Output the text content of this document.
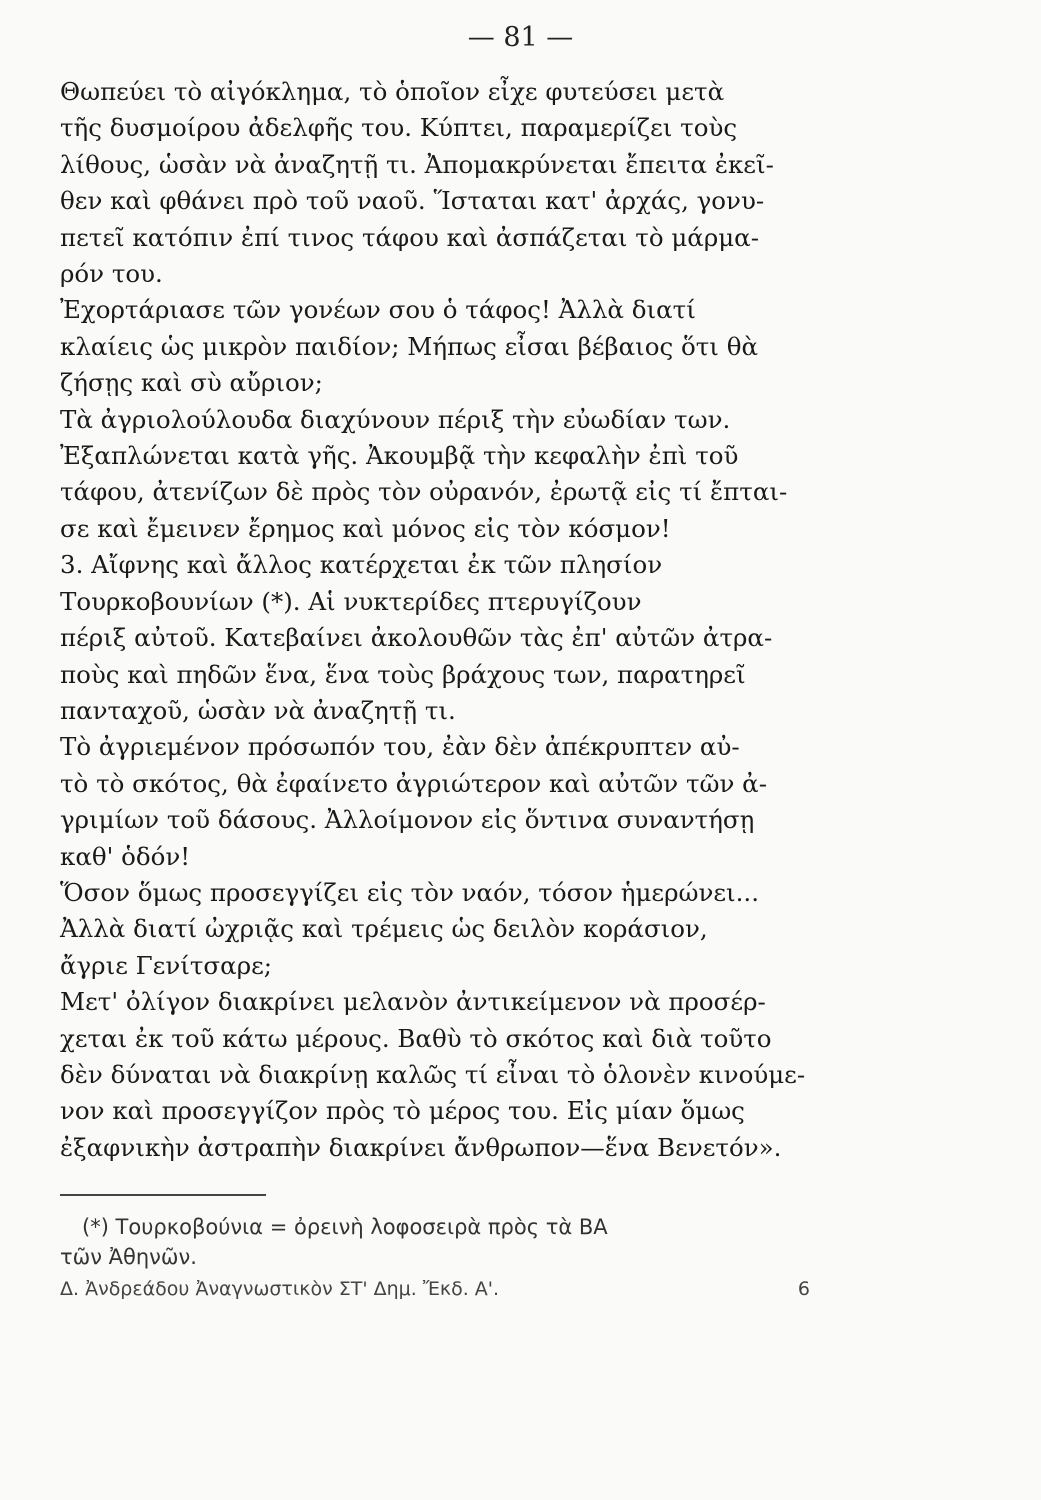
— 81 —

Θωπεύει τὸ αἰγόκλημα, τὸ ὁποῖον εἶχε φυτεύσει μετὰ

τῆς δυσμοίρου ἀδελφῆς του. Κύπτει, παραμερίζει τοὺς

λίθους, ὡσὰν νὰ ἀναζητῇ τι. Ἀπομακρύνεται ἔπειτα ἐκεῖ-

θεν καὶ φθάνει πρὸ τοῦ ναοῦ. Ἵσταται κατ' ἀρχάς, γονυ-

πετεῖ κατόπιν ἐπί τινος τάφου καὶ ἀσπάζεται τὸ μάρμα-

ρόν του.

Ἐχορτάριασε τῶν γονέων σου ὁ τάφος! Ἀλλὰ διατί

κλαίεις ὡς μικρὸν παιδίον; Μήπως εἶσαι βέβαιος ὅτι θὰ

ζήσῃς καὶ σὺ αὔριον;

Τὰ ἀγριολούλουδα διαχύνουν πέριξ τὴν εὐωδίαν των.

Ἐξαπλώνεται κατὰ γῆς. Ἀκουμβᾷ τὴν κεφαλὴν ἐπὶ τοῦ

τάφου, ἀτενίζων δὲ πρὸς τὸν οὐρανόν, ἐρωτᾷ εἰς τί ἔπται-

σε καὶ ἔμεινεν ἔρημος καὶ μόνος εἰς τὸν κόσμον!

3. Αἴφνης καὶ ἄλλος κατέρχεται ἐκ τῶν πλησίον

Τουρκοβουνίων (*). Αἱ νυκτερίδες πτερυγίζουν

πέριξ αὐτοῦ. Κατεβαίνει ἀκολουθῶν τὰς ἐπ' αὐτῶν ἀτρα-

ποὺς καὶ πηδῶν ἕνα, ἕνα τοὺς βράχους των, παρατηρεῖ

πανταχοῦ, ὡσὰν νὰ ἀναζητῇ τι.

Τὸ ἀγριεμένον πρόσωπόν του, ἐὰν δὲν ἀπέκρυπτεν αὐ-

τὸ τὸ σκότος, θὰ ἐφαίνετο ἀγριώτερον καὶ αὐτῶν τῶν ἀ-

γριμίων τοῦ δάσους. Ἀλλοίμονον εἰς ὅντινα συναντήσῃ

καθ' ὁδόν!

Ὅσον ὅμως προσεγγίζει εἰς τὸν ναόν, τόσον ἡμερώνει...

Ἀλλὰ διατί ὠχριᾷς καὶ τρέμεις ὡς δειλὸν κοράσιον,

ἄγριε Γενίτσαρε;

Μετ' ὀλίγον διακρίνει μελανὸν ἀντικείμενον νὰ προσέρ-

χεται ἐκ τοῦ κάτω μέρους. Βαθὺ τὸ σκότος καὶ διὰ τοῦτο

δὲν δύναται νὰ διακρίνῃ καλῶς τί εἶναι τὸ ὁλονὲν κινούμε-

νον καὶ προσεγγίζον πρὸς τὸ μέρος του. Εἰς μίαν ὅμως

ἐξαφνικὴν ἀστραπὴν διακρίνει ἄνθρωπον—ἕνα Βενετόν».

(*) Τουρκοβούνια = ὀρεινὴ λοφοσειρὰ πρὸς τὰ ΒΑ
τῶν Ἀθηνῶν.
Δ. Ἀνδρεάδου Ἀναγνωστικὸν ΣΤ' Δημ. Ἔκδ. Α'.	6
